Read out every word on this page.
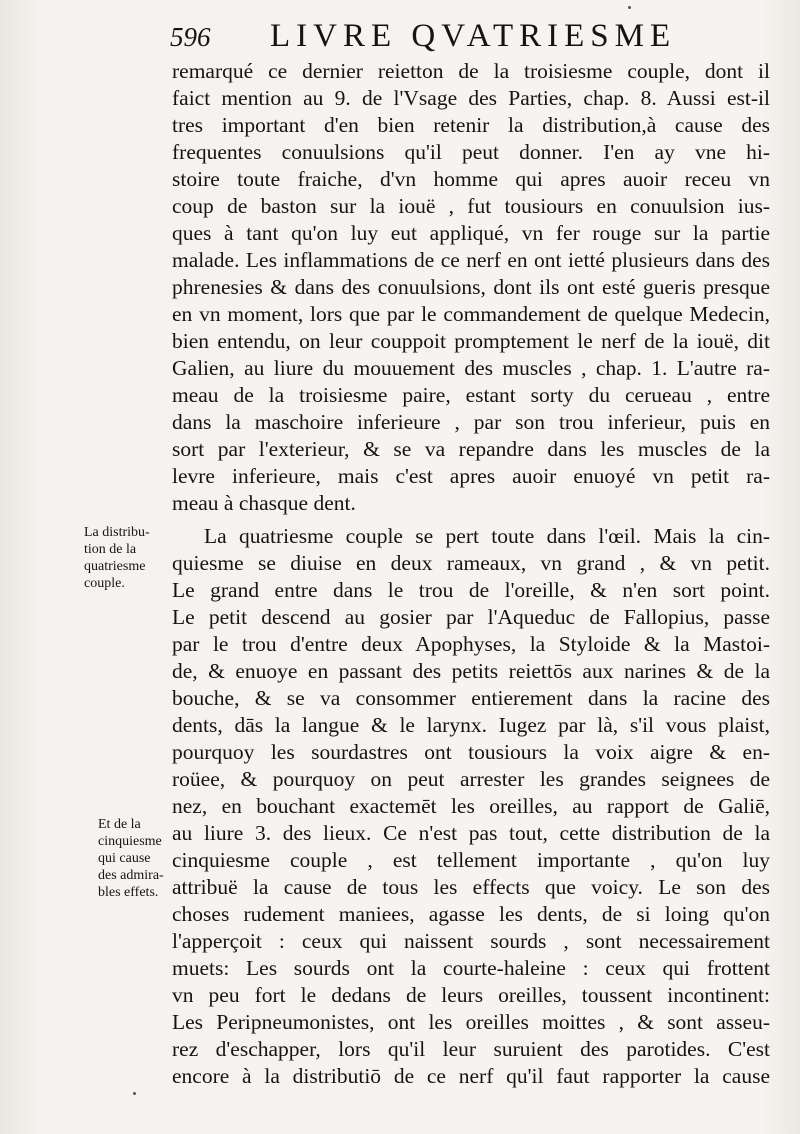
596 LIVRE QVATRIESME
La distribu-
tion de la
quatriesme
couple.
Et de la
cinquiesme
qui cause
des admira-
bles effets.
remarqué ce dernier reietton de la troisiesme couple, dont il
faict mention au 9. de l'Vsage des Parties, chap. 8. Aussi est-il
tres important d'en bien retenir la distribution,à cause des
frequentes conuulsions qu'il peut donner. I'en ay vne hi-
stoire toute fraiche, d'vn homme qui apres auoir receu vn
coup de baston sur la iouë , fut tousiours en conuulsion ius-
ques à tant qu'on luy eut appliqué, vn fer rouge sur la partie
malade. Les inflammations de ce nerf en ont ietté plusieurs dans des
phrenesies & dans des conuulsions, dont ils ont esté gueris presque
en vn moment, lors que par le commandement de quelque Medecin,
bien entendu, on leur couppoit promptement le nerf de la iouë, dit
Galien, au liure du mouuement des muscles , chap. 1. L'autre ra-
meau de la troisiesme paire, estant sorty du cerueau , entre
dans la maschoire inferieure , par son trou inferieur, puis en
sort par l'exterieur, & se va repandre dans les muscles de la
levre inferieure, mais c'est apres auoir enuoyé vn petit ra-
meau à chasque dent.
La quatriesme couple se pert toute dans l'œil. Mais la cin-
quiesme se diuise en deux rameaux, vn grand , & vn petit.
Le grand entre dans le trou de l'oreille, & n'en sort point.
Le petit descend au gosier par l'Aqueduc de Fallopius, passe
par le trou d'entre deux Apophyses, la Styloide & la Mastoi-
de, & enuoye en passant des petits reiettōs aux narines & de la
bouche, & se va consommer entierement dans la racine des
dents, dās la langue & le larynx. Iugez par là, s'il vous plaist,
pourquoy les sourdastres ont tousiours la voix aigre & en-
roüee, & pourquoy on peut arrester les grandes seignees de
nez, en bouchant exactemēt les oreilles, au rapport de Galiē,
au liure 3. des lieux. Ce n'est pas tout, cette distribution de la
cinquiesme couple , est tellement importante , qu'on luy
attribuë la cause de tous les effects que voicy. Le son des
choses rudement maniees, agasse les dents, de si loing qu'on
l'apperçoit : ceux qui naissent sourds , sont necessairement
muets: Les sourds ont la courte-haleine : ceux qui frottent
vn peu fort le dedans de leurs oreilles, toussent incontinent:
Les Peripneumonistes, ont les oreilles moittes , & sont asseu-
rez d'eschapper, lors qu'il leur suruient des parotides. C'est
encore à la distributiō de ce nerf qu'il faut rapporter la cause
